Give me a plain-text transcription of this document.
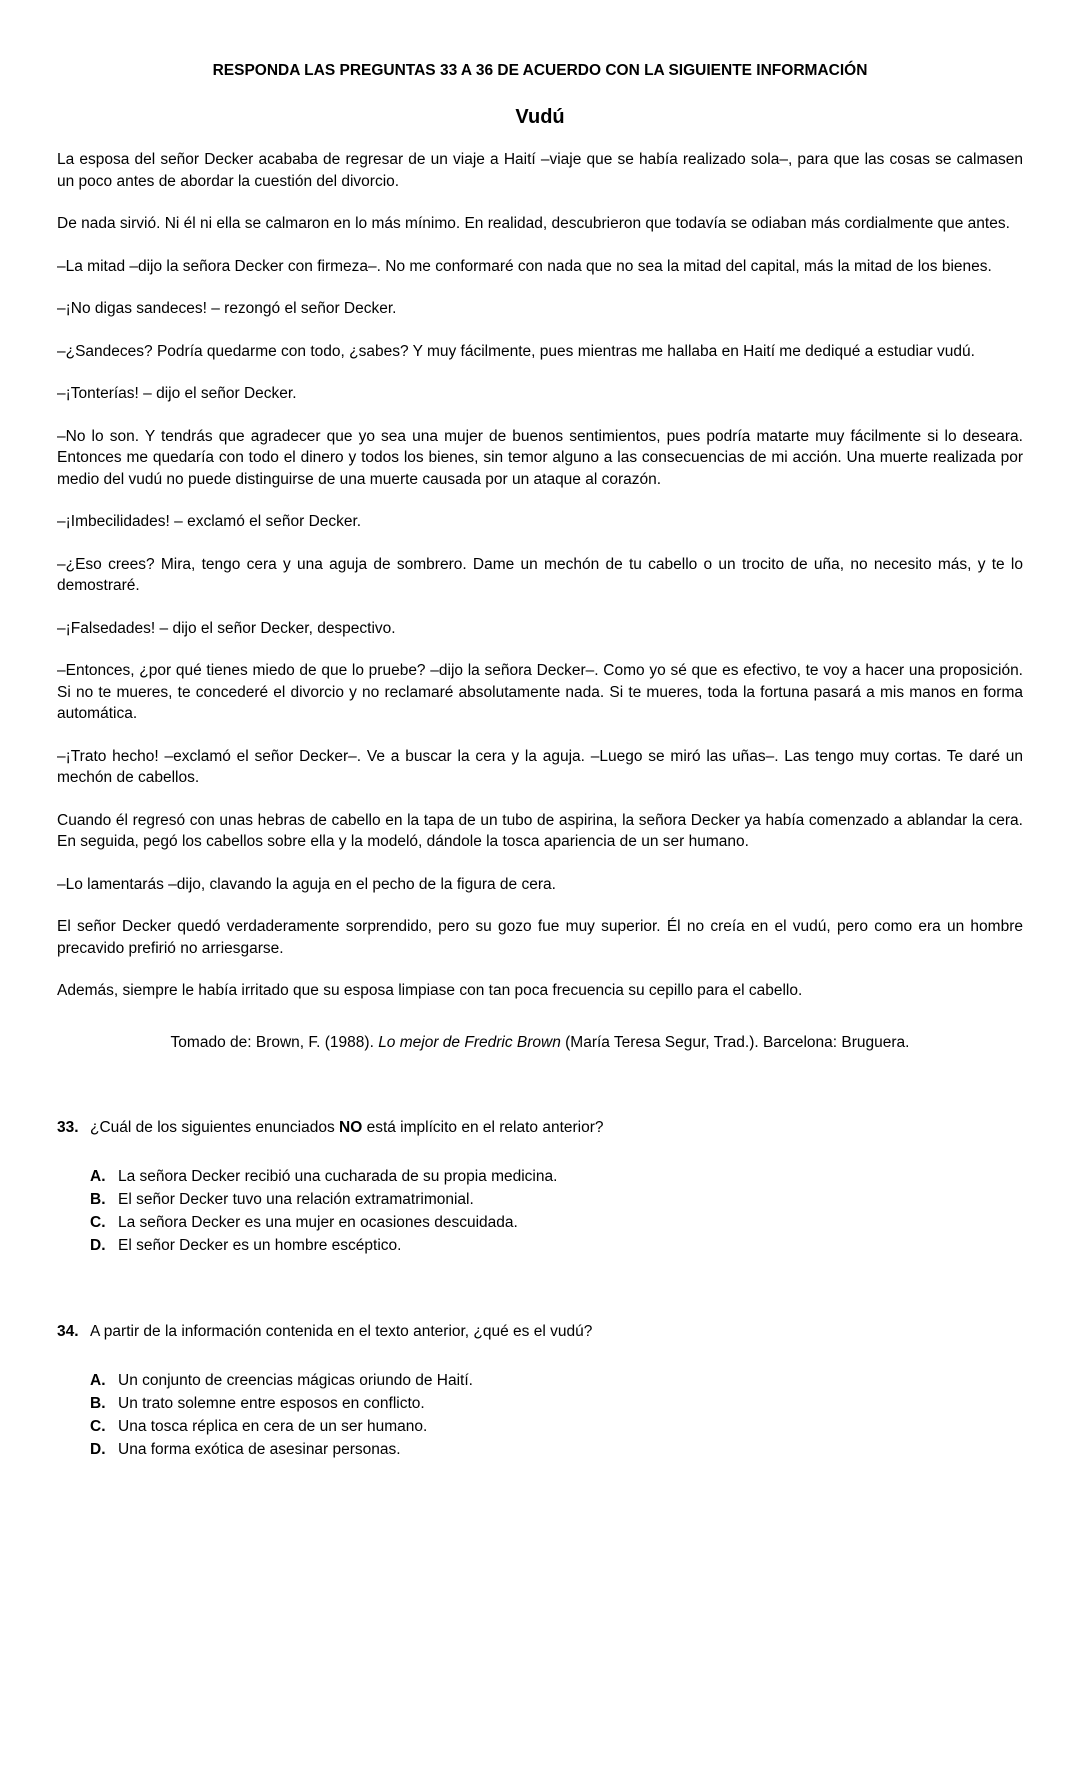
RESPONDA LAS PREGUNTAS 33 A 36 DE ACUERDO CON LA SIGUIENTE INFORMACIÓN

Vudú

La esposa del señor Decker acababa de regresar de un viaje a Haití –viaje que se había realizado sola–, para que las cosas se calmasen un poco antes de abordar la cuestión del divorcio.

De nada sirvió. Ni él ni ella se calmaron en lo más mínimo. En realidad, descubrieron que todavía se odiaban más cordialmente que antes.

–La mitad –dijo la señora Decker con firmeza–. No me conformaré con nada que no sea la mitad del capital, más la mitad de los bienes.

–¡No digas sandeces! – rezongó el señor Decker.

–¿Sandeces? Podría quedarme con todo, ¿sabes? Y muy fácilmente, pues mientras me hallaba en Haití me dediqué a estudiar vudú.

–¡Tonterías! – dijo el señor Decker.

–No lo son. Y tendrás que agradecer que yo sea una mujer de buenos sentimientos, pues podría matarte muy fácilmente si lo deseara. Entonces me quedaría con todo el dinero y todos los bienes, sin temor alguno a las consecuencias de mi acción. Una muerte realizada por medio del vudú no puede distinguirse de una muerte causada por un ataque al corazón.

–¡Imbecilidades! – exclamó el señor Decker.

–¿Eso crees? Mira, tengo cera y una aguja de sombrero. Dame un mechón de tu cabello o un trocito de uña, no necesito más, y te lo demostraré.

–¡Falsedades! – dijo el señor Decker, despectivo.

–Entonces, ¿por qué tienes miedo de que lo pruebe? –dijo la señora Decker–. Como yo sé que es efectivo, te voy a hacer una proposición. Si no te mueres, te concederé el divorcio y no reclamaré absolutamente nada. Si te mueres, toda la fortuna pasará a mis manos en forma automática.

–¡Trato hecho! –exclamó el señor Decker–. Ve a buscar la cera y la aguja. –Luego se miró las uñas–. Las tengo muy cortas. Te daré un mechón de cabellos.

Cuando él regresó con unas hebras de cabello en la tapa de un tubo de aspirina, la señora Decker ya había comenzado a ablandar la cera. En seguida, pegó los cabellos sobre ella y la modeló, dándole la tosca apariencia de un ser humano.

–Lo lamentarás –dijo, clavando la aguja en el pecho de la figura de cera.

El señor Decker quedó verdaderamente sorprendido, pero su gozo fue muy superior. Él no creía en el vudú, pero como era un hombre precavido prefirió no arriesgarse.

Además, siempre le había irritado que su esposa limpiase con tan poca frecuencia su cepillo para el cabello.

Tomado de: Brown, F. (1988). Lo mejor de Fredric Brown (María Teresa Segur, Trad.). Barcelona: Bruguera.

33. ¿Cuál de los siguientes enunciados NO está implícito en el relato anterior?
A. La señora Decker recibió una cucharada de su propia medicina.
B. El señor Decker tuvo una relación extramatrimonial.
C. La señora Decker es una mujer en ocasiones descuidada.
D. El señor Decker es un hombre escéptico.
34. A partir de la información contenida en el texto anterior, ¿qué es el vudú?
A. Un conjunto de creencias mágicas oriundo de Haití.
B. Un trato solemne entre esposos en conflicto.
C. Una tosca réplica en cera de un ser humano.
D. Una forma exótica de asesinar personas.
